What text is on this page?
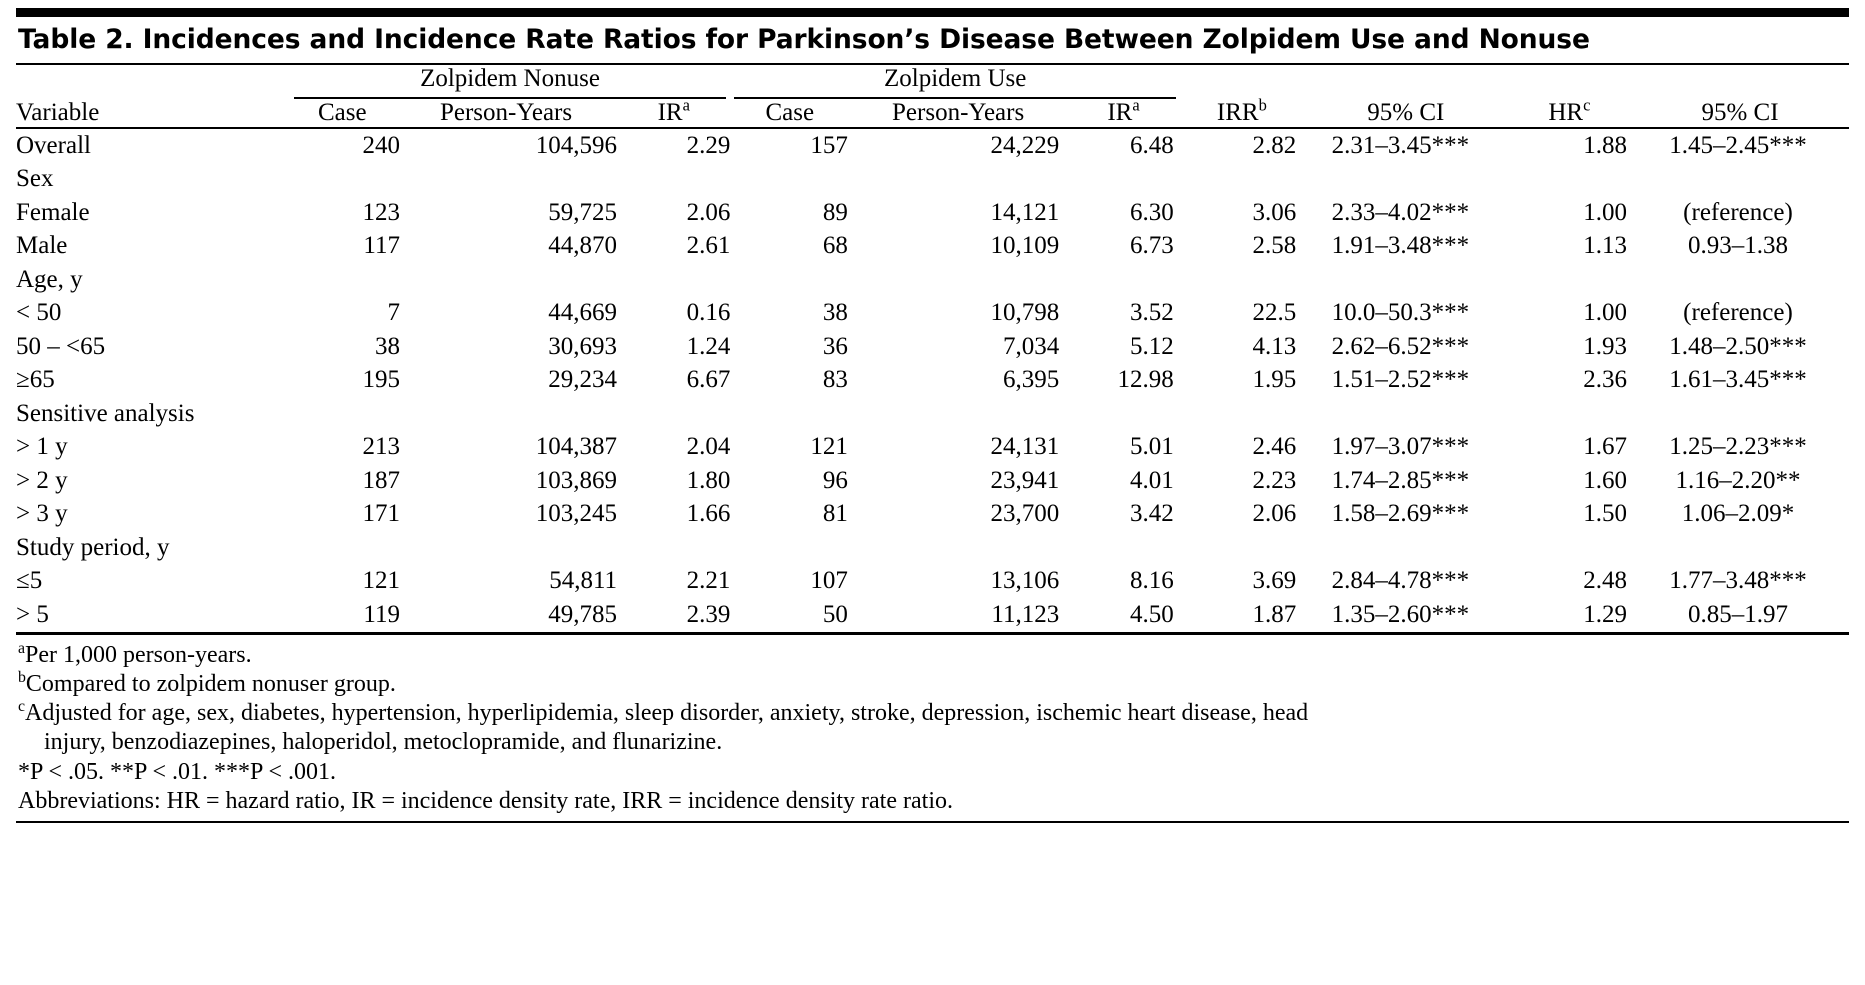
Table 2. Incidences and Incidence Rate Ratios for Parkinson’s Disease Between Zolpidem Use and Nonuse

	Zolpidem Nonuse			Zolpidem Use						

Variable	Case	Person-Years	$IR^a$	Case	Person-Years	$IR^a$	IRR$^b$	95% CI	$HR^c$	95% CI
Overall	240	104,596	2.29	157	24,229	6.48	2.82	2.31–3.45***	1.88	1.45–2.45***
Sex										
Female	123	59,725	2.06	89	14,121	6.30	3.06	2.33–4.02***	1.00	(reference)
Male	117	44,870	2.61	68	10,109	6.73	2.58	1.91–3.48***	1.13	0.93–1.38
Age, y										
< 50	7	44,669	0.16	38	10,798	3.52	22.5	10.0–50.3***	1.00	(reference)
50 – <65	38	30,693	1.24	36	7,034	5.12	4.13	2.62–6.52***	1.93	1.48–2.50***
≥65	195	29,234	6.67	83	6,395	12.98	1.95	1.51–2.52***	2.36	1.61–3.45***
Sensitive analysis										
> 1 y	213	104,387	2.04	121	24,131	5.01	2.46	1.97–3.07***	1.67	1.25–2.23***
> 2 y	187	103,869	1.80	96	23,941	4.01	2.23	1.74–2.85***	1.60	1.16–2.20**
> 3 y	171	103,245	1.66	81	23,700	3.42	2.06	1.58–2.69***	1.50	1.06–2.09*
Study period, y										
≤5	121	54,811	2.21	107	13,106	8.16	3.69	2.84–4.78***	2.48	1.77–3.48***
> 5	119	49,785	2.39	50	11,123	4.50	1.87	1.35–2.60***	1.29	0.85–1.97

$^a$Per 1,000 person-years.

$^b$Compared to zolpidem nonuser group.

$^c$Adjusted for age, sex, diabetes, hypertension, hyperlipidemia, sleep disorder, anxiety, stroke, depression, ischemic heart disease, head

injury, benzodiazepines, haloperidol, metoclopramide, and flunarizine.

*P < .05. **P < .01. ***P < .001.

Abbreviations: HR = hazard ratio, IR = incidence density rate, IRR = incidence density rate ratio.
